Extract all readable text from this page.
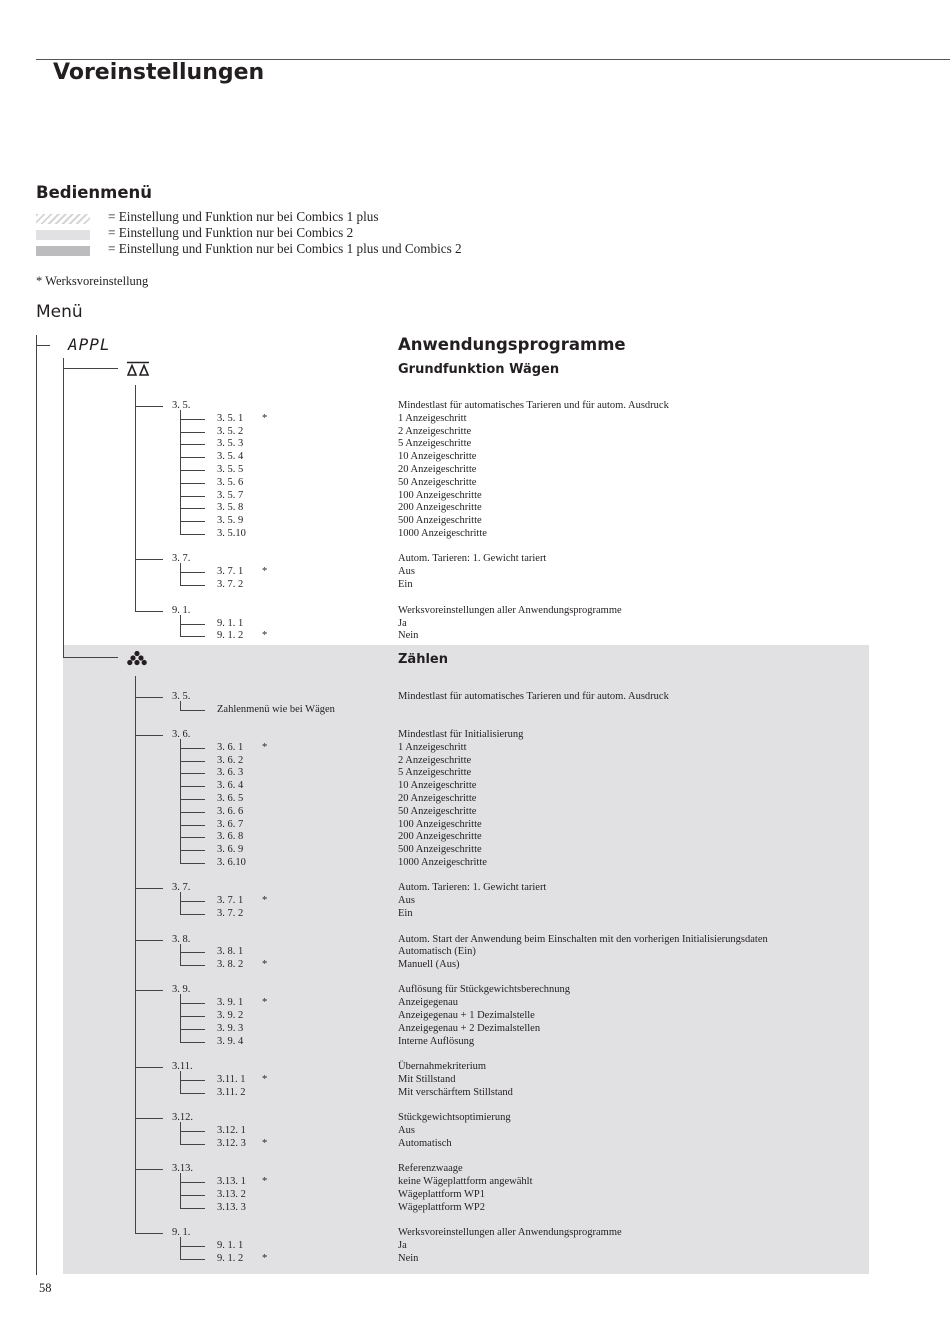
Voreinstellungen
Bedienmenü
= Einstellung und Funktion nur bei Combics 1 plus
= Einstellung und Funktion nur bei Combics 2
= Einstellung und Funktion nur bei Combics 1 plus und Combics 2
* Werksvoreinstellung
Menü
APPL	Anwendungsprogramme
Grundfunktion Wägen
Zählen
3. 5.	Mindestlast für automatisches Tarieren und für autom. Ausdruck
3. 5. 1 *	1 Anzeigeschritt
3. 5. 2	2 Anzeigeschritte
3. 5. 3	5 Anzeigeschritte
3. 5. 4	10 Anzeigeschritte
3. 5. 5	20 Anzeigeschritte
3. 5. 6	50 Anzeigeschritte
3. 5. 7	100 Anzeigeschritte
3. 5. 8	200 Anzeigeschritte
3. 5. 9	500 Anzeigeschritte
3. 5.10	1000 Anzeigeschritte
3. 7.	Autom. Tarieren: 1. Gewicht tariert
3. 7. 1 *	Aus
3. 7. 2	Ein
9. 1.	Werksvoreinstellungen aller Anwendungsprogramme
9. 1. 1	Ja
9. 1. 2 *	Nein
3. 5.	Mindestlast für automatisches Tarieren und für autom. Ausdruck
Zahlenmenü wie bei Wägen
3. 6.	Mindestlast für Initialisierung
3. 6. 1 *	1 Anzeigeschritt
3. 6. 2	2 Anzeigeschritte
3. 6. 3	5 Anzeigeschritte
3. 6. 4	10 Anzeigeschritte
3. 6. 5	20 Anzeigeschritte
3. 6. 6	50 Anzeigeschritte
3. 6. 7	100 Anzeigeschritte
3. 6. 8	200 Anzeigeschritte
3. 6. 9	500 Anzeigeschritte
3. 6.10	1000 Anzeigeschritte
3. 7.	Autom. Tarieren: 1. Gewicht tariert
3. 7. 1 *	Aus
3. 7. 2	Ein
3. 8.	Autom. Start der Anwendung beim Einschalten mit den vorherigen Initialisierungsdaten
3. 8. 1	Automatisch (Ein)
3. 8. 2 *	Manuell (Aus)
3. 9.	Auflösung für Stückgewichtsberechnung
3. 9. 1 *	Anzeigegenau
3. 9. 2	Anzeigegenau + 1 Dezimalstelle
3. 9. 3	Anzeigegenau + 2 Dezimalstellen
3. 9. 4	Interne Auflösung
3.11.	Übernahmekriterium
3.11. 1 *	Mit Stillstand
3.11. 2	Mit verschärftem Stillstand
3.12.	Stückgewichtsoptimierung
3.12. 1	Aus
3.12. 3 *	Automatisch
3.13.	Referenzwaage
3.13. 1 *	keine Wägeplattform angewählt
3.13. 2	Wägeplattform WP1
3.13. 3	Wägeplattform WP2
9. 1.	Werksvoreinstellungen aller Anwendungsprogramme
9. 1. 1	Ja
9. 1. 2 *	Nein
58
